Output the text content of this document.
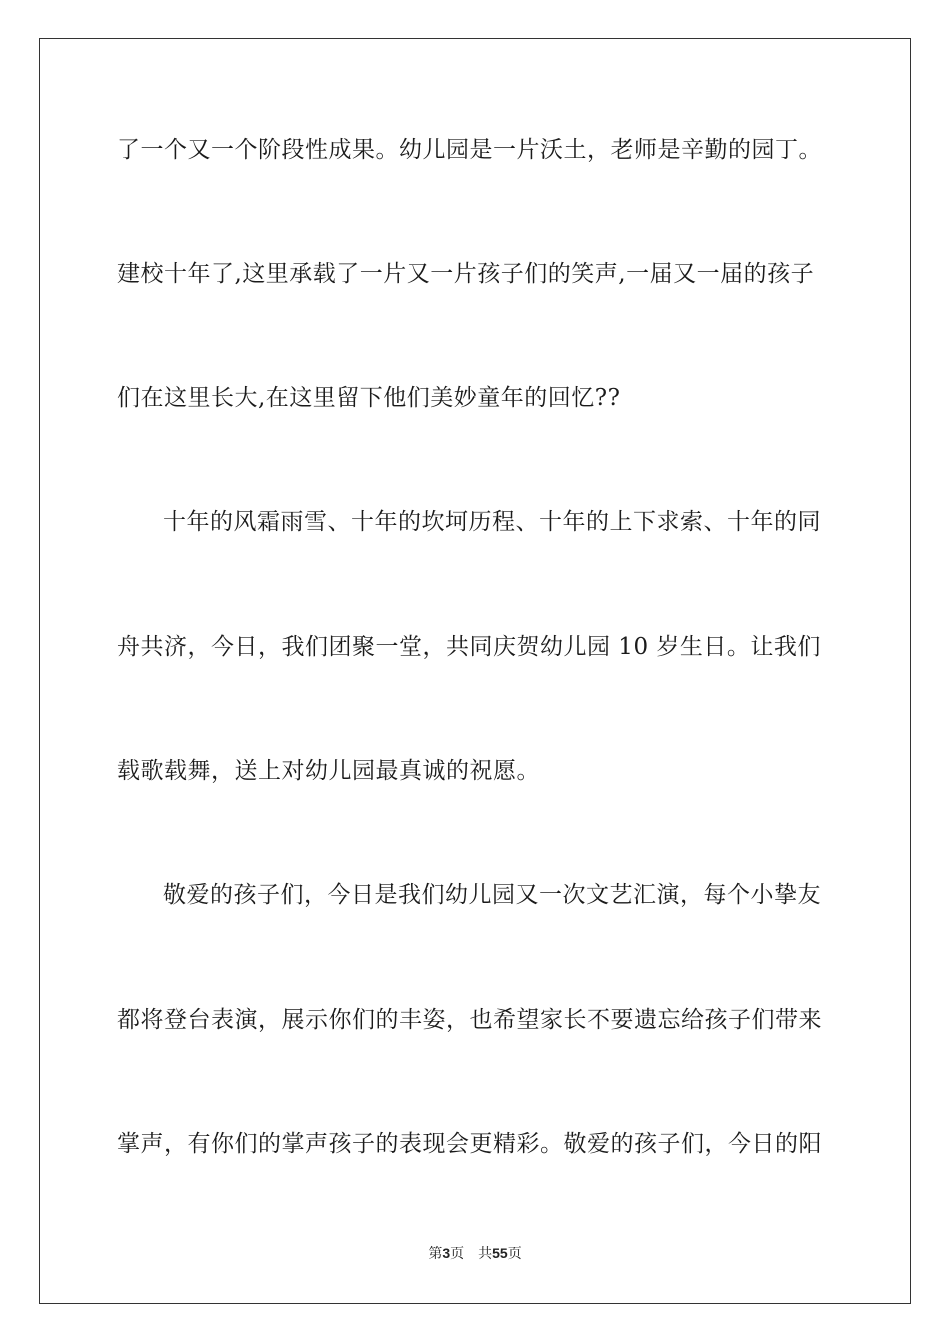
了一个又一个阶段性成果。幼儿园是一片沃土，老师是辛勤的园丁。
建校十年了,这里承载了一片又一片孩子们的笑声,一届又一届的孩子
们在这里长大,在这里留下他们美妙童年的回忆??
十年的风霜雨雪、十年的坎坷历程、十年的上下求索、十年的同
舟共济，今日，我们团聚一堂，共同庆贺幼儿园 10 岁生日。让我们
载歌载舞，送上对幼儿园最真诚的祝愿。
敬爱的孩子们，今日是我们幼儿园又一次文艺汇演，每个小挚友
都将登台表演，展示你们的丰姿，也希望家长不要遗忘给孩子们带来
掌声，有你们的掌声孩子的表现会更精彩。敬爱的孩子们，今日的阳
第3页 共55页
